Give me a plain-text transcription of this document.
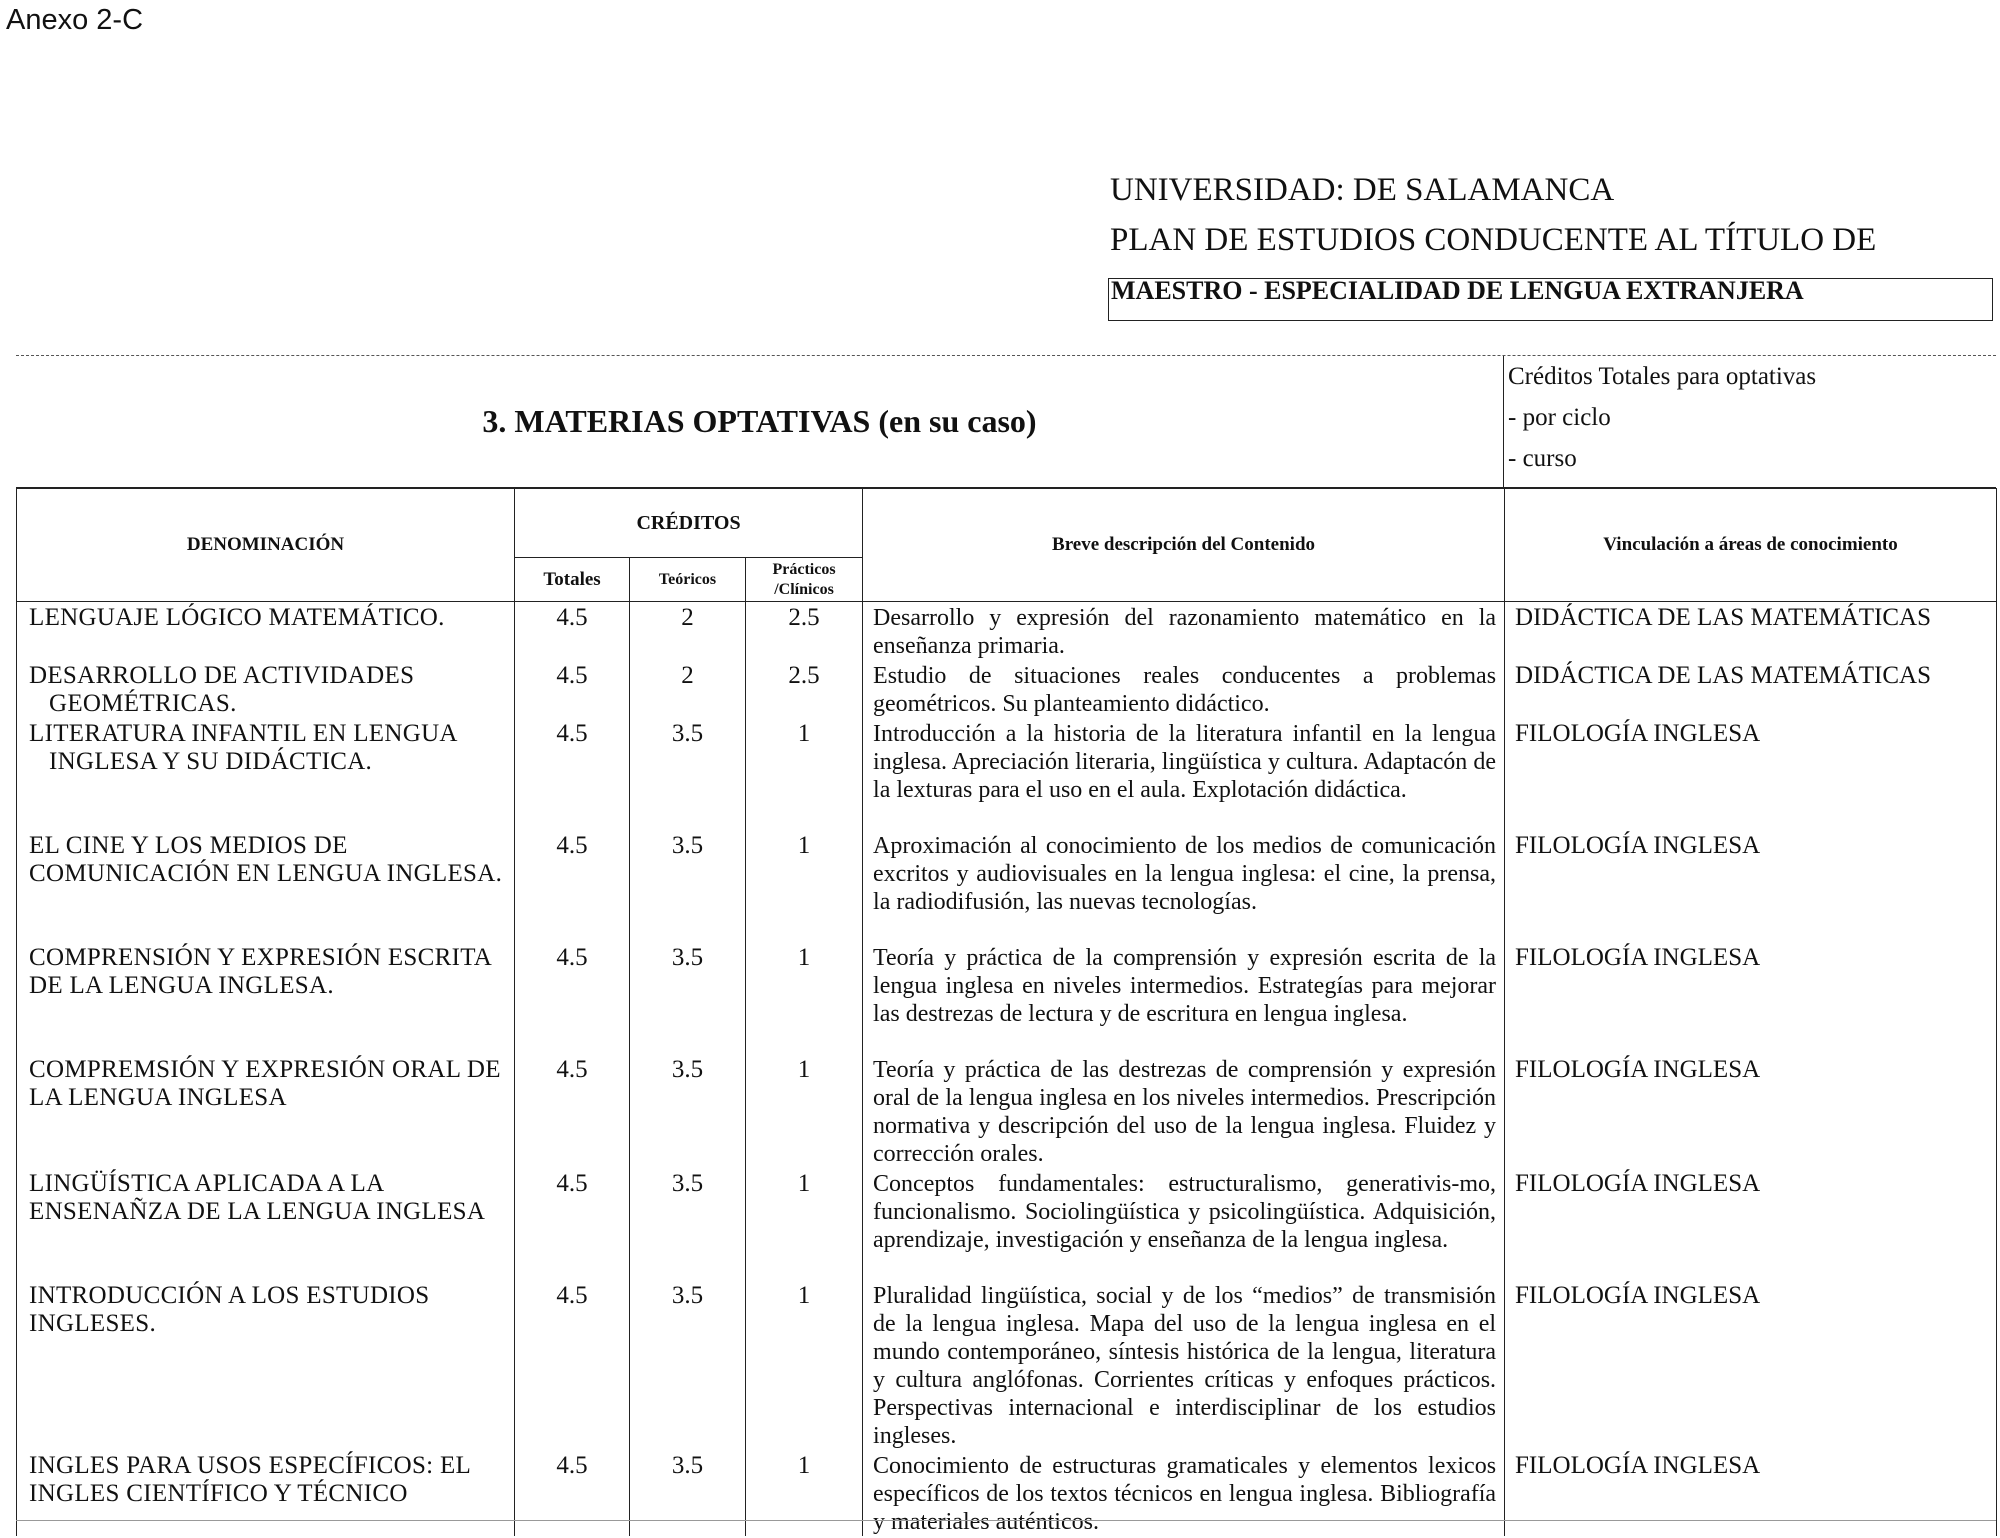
Anexo 2-C
UNIVERSIDAD: DE SALAMANCA
PLAN DE ESTUDIOS CONDUCENTE AL TÍTULO DE
MAESTRO - ESPECIALIDAD DE LENGUA EXTRANJERA
3. MATERIAS OPTATIVAS (en su caso)
Créditos Totales para optativas
- por ciclo
- curso
DENOMINACIÓN	CRÉDITOS			Breve descripción del Contenido	Vinculación a áreas de conocimiento
	Totales	Teóricos	Prácticos
/Clínicos		

LENGUAJE LÓGICO MATEMÁTICO.	4.5	2	2.5	Desarrollo y expresión del razonamiento matemático en la enseñanza primaria.	DIDÁCTICA DE LAS MATEMÁTICAS

DESARROLLO DE ACTIVIDADES
GEOMÉTRICAS.	4.5	2	2.5	Estudio de situaciones reales conducentes a problemas geométricos. Su planteamiento didáctico.	DIDÁCTICA DE LAS MATEMÁTICAS

LITERATURA INFANTIL EN LENGUA
INGLESA Y SU DIDÁCTICA.	4.5	3.5	1	Introducción a la historia de la literatura infantil en la lengua inglesa. Apreciación literaria, lingüística y cultura. Adaptacón de la lexturas para el uso en el aula. Explotación didáctica.	FILOLOGÍA INGLESA

EL CINE Y LOS MEDIOS DE COMUNICACIÓN EN LENGUA INGLESA.	4.5	3.5	1	Aproximación al conocimiento de los medios de comunicación excritos y audiovisuales en la lengua inglesa: el cine, la prensa, la radiodifusión, las nuevas tecnologías.	FILOLOGÍA INGLESA

COMPRENSIÓN Y EXPRESIÓN ESCRITA DE LA LENGUA INGLESA.	4.5	3.5	1	Teoría y práctica de la comprensión y expresión escrita de la lengua inglesa en niveles intermedios. Estrategías para mejorar las destrezas de lectura y de escritura en lengua inglesa.	FILOLOGÍA INGLESA

COMPREMSIÓN Y EXPRESIÓN ORAL DE LA LENGUA INGLESA	4.5	3.5	1	Teoría y práctica de las destrezas de comprensión y expresión oral de la lengua inglesa en los niveles intermedios. Prescripción normativa y descripción del uso de la lengua inglesa. Fluidez y corrección orales.	FILOLOGÍA INGLESA

LINGÜÍSTICA APLICADA A LA ENSENAÑZA DE LA LENGUA INGLESA	4.5	3.5	1	Conceptos fundamentales: estructuralismo, generativis-mo, funcionalismo. Sociolingüística y psicolingüística. Adquisición, aprendizaje, investigación y enseñanza de la lengua inglesa.	FILOLOGÍA INGLESA

INTRODUCCIÓN A LOS ESTUDIOS INGLESES.	4.5	3.5	1	Pluralidad lingüística, social y de los “medios” de transmisión de la lengua inglesa. Mapa del uso de la lengua inglesa en el mundo contemporáneo, síntesis histórica de la lengua, literatura y cultura anglófonas. Corrientes críticas y enfoques prácticos. Perspectivas internacional e interdisciplinar de los estudios ingleses.	FILOLOGÍA INGLESA

INGLES PARA USOS ESPECÍFICOS: EL INGLES CIENTÍFICO Y TÉCNICO	4.5	3.5	1	Conocimiento de estructuras gramaticales y elementos lexicos específicos de los textos técnicos en lengua inglesa. Bibliografía y materiales auténticos.	FILOLOGÍA INGLESA
